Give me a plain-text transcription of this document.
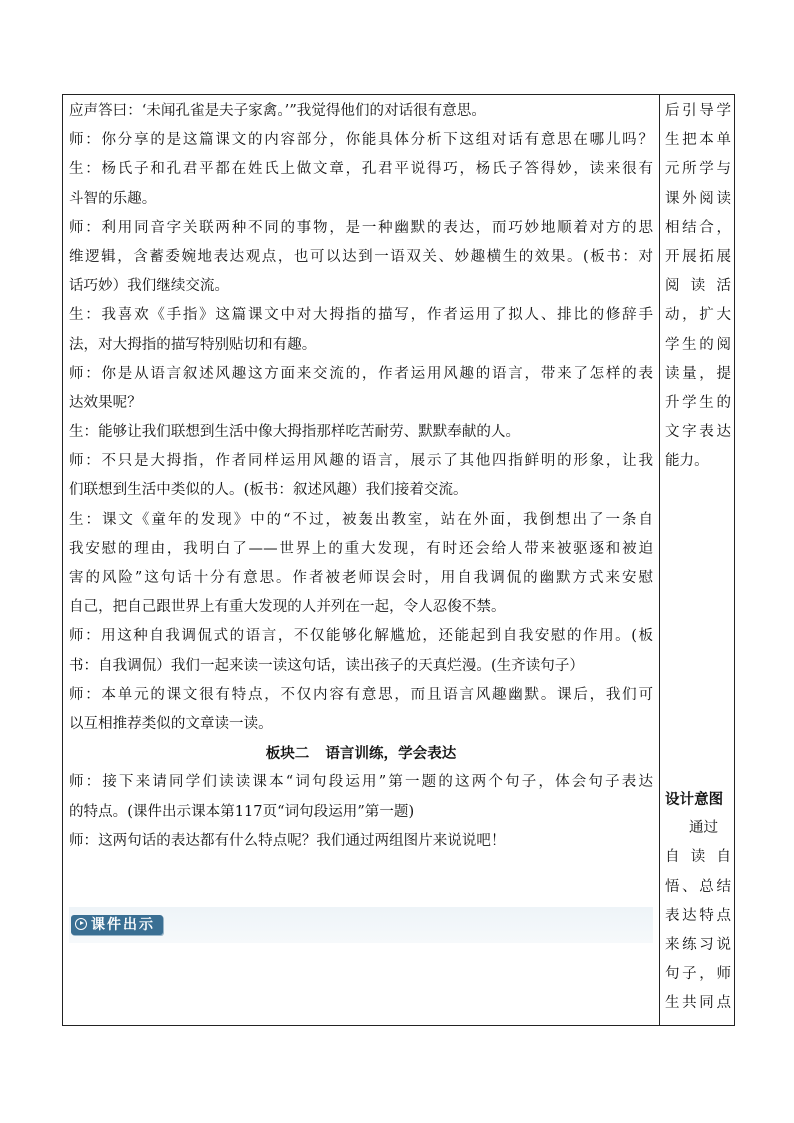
应声答曰：‘未闻孔雀是夫子家禽。’”我觉得他们的对话很有意思。
师：你分享的是这篇课文的内容部分，你能具体分析下这组对话有意思在哪儿吗？
生：杨氏子和孔君平都在姓氏上做文章，孔君平说得巧，杨氏子答得妙，读来很有
斗智的乐趣。
师：利用同音字关联两种不同的事物，是一种幽默的表达，而巧妙地顺着对方的思
维逻辑，含蓄委婉地表达观点，也可以达到一语双关、妙趣横生的效果。(板书：对
话巧妙）我们继续交流。
生：我喜欢《手指》这篇课文中对大拇指的描写，作者运用了拟人、排比的修辞手
法，对大拇指的描写特别贴切和有趣。
师：你是从语言叙述风趣这方面来交流的，作者运用风趣的语言，带来了怎样的表
达效果呢？
生：能够让我们联想到生活中像大拇指那样吃苦耐劳、默默奉献的人。
师：不只是大拇指，作者同样运用风趣的语言，展示了其他四指鲜明的形象，让我
们联想到生活中类似的人。(板书：叙述风趣）我们接着交流。
生：课文《童年的发现》中的“不过，被轰出教室，站在外面，我倒想出了一条自
我安慰的理由，我明白了——世界上的重大发现，有时还会给人带来被驱逐和被迫
害的风险”这句话十分有意思。作者被老师误会时，用自我调侃的幽默方式来安慰
自己，把自己跟世界上有重大发现的人并列在一起，令人忍俊不禁。
师：用这种自我调侃式的语言，不仅能够化解尴尬，还能起到自我安慰的作用。(板
书：自我调侃）我们一起来读一读这句话，读出孩子的天真烂漫。(生齐读句子）
师：本单元的课文很有特点，不仅内容有意思，而且语言风趣幽默。课后，我们可
以互相推荐类似的文章读一读。
板块二 语言训练，学会表达
师：接下来请同学们读读课本“词句段运用”第一题的这两个句子，体会句子表达
的特点。(课件出示课本第117页“词句段运用”第一题)
师：这两句话的表达都有什么特点呢？我们通过两组图片来说说吧！
课件出示
后引导学
生把本单
元所学与
课外阅读
相结合，
开展拓展
阅读活
动，扩大
学生的阅
读量，提
升学生的
文字表达
能力。
设计意图
通过
自读自
悟、总结
表达特点
来练习说
句子，师
生共同点
